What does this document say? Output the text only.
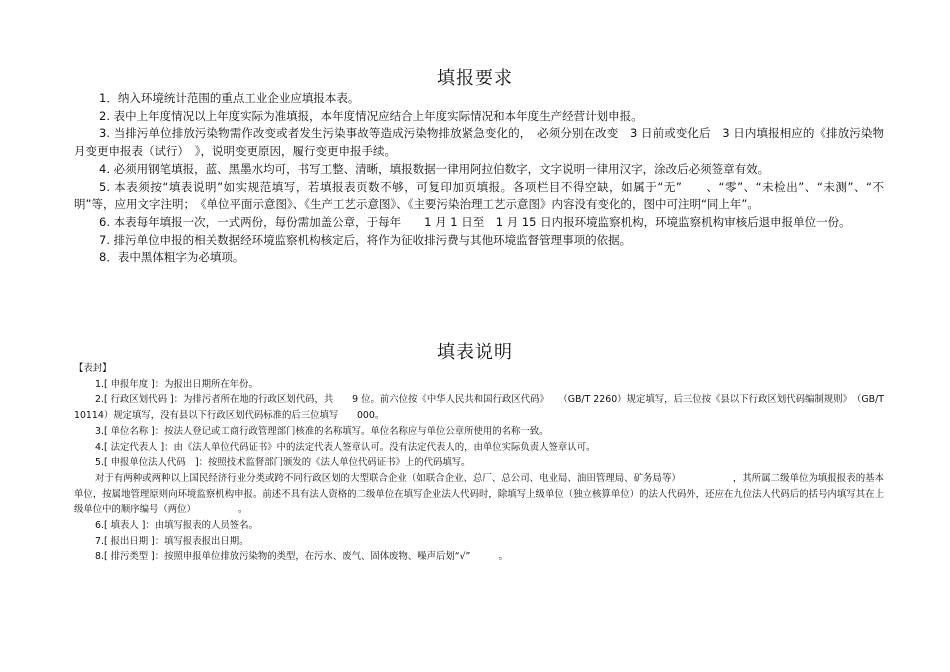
填报要求

1．纳入环境统计范围的重点工业企业应填报本表。

2. 表中上年度情况以上年度实际为准填报，本年度情况应结合上年度实际情况和本年度生产经营计划申报。

3. 当排污单位排放污染物需作改变或者发生污染事故等造成污染物排放紧急变化的，　必须分别在改变　3 日前或变化后　3 日内填报相应的《排放污染物月变更申报表（试行）　》，说明变更原因，履行变更申报手续。

4. 必须用钢笔填报，蓝、黑墨水均可，书写工整、清晰，填报数据一律用阿拉伯数字，文字说明一律用汉字，涂改后必须签章有效。

5. 本表须按“填表说明”如实规范填写，若填报表页数不够，可复印加页填报。各项栏目不得空缺，如属于“无”　　、“零”、“未检出”、“未测”、“不明”等，应用文字注明；　《单位平面示意图》、《生产工艺示意图》、《主要污染治理工艺示意图》内容没有变化的，图中可注明“同上年”。

6. 本表每年填报一次，一式两份，每份需加盖公章，于每年　　1 月 1 日至　1 月 15 日内报环境监察机构，环境监察机构审核后退申报单位一份。

7. 排污单位申报的相关数据经环境监察机构核定后，将作为征收排污费与其他环境监督管理事项的依据。

8．表中黑体粗字为必填项。

填表说明

【表封】

1.[ 申报年度 ]：为报出日期所在年份。

2.[ 行政区划代码 ]：为排污者所在地的行政区划代码，共　　9 位。前六位按《中华人民共和国行政区代码》　　（GB/T 2260）规定填写，后三位按《县以下行政区划代码编制规则》　（GB/T 10114）规定填写，没有县以下行政区划代码标准的后三位填写　　000。

3.[ 单位名称 ]：按法人登记或工商行政管理部门核准的名称填写。单位名称应与单位公章所使用的名称一致。

4.[ 法定代表人 ]：由《法人单位代码证书》中的法定代表人签章认可。没有法定代表人的，由单位实际负责人签章认可。

5.[ 申报单位法人代码　]：按照技术监督部门颁发的《法人单位代码证书》上的代码填写。

对于有两种或两种以上国民经济行业分类或跨不同行政区划的大型联合企业（如联合企业、总厂、总公司、电业局、油田管理局、矿务局等）　　　　　　，其所属二级单位为填报报表的基本单位，按属地管理原则向环境监察机构申报。前述不具有法人资格的二级单位在填写企业法人代码时，除填写上级单位（独立核算单位）的法人代码外，还应在九位法人代码后的括号内填写其在上级单位中的顺序编号（两位）　　　　　。

6.[ 填表人 ]：由填写报表的人员签名。

7.[ 报出日期 ]：填写报表报出日期。

8.[ 排污类型 ]：按照申报单位排放污染物的类型，在污水、废气、固体废物、噪声后划“√”　　　。
